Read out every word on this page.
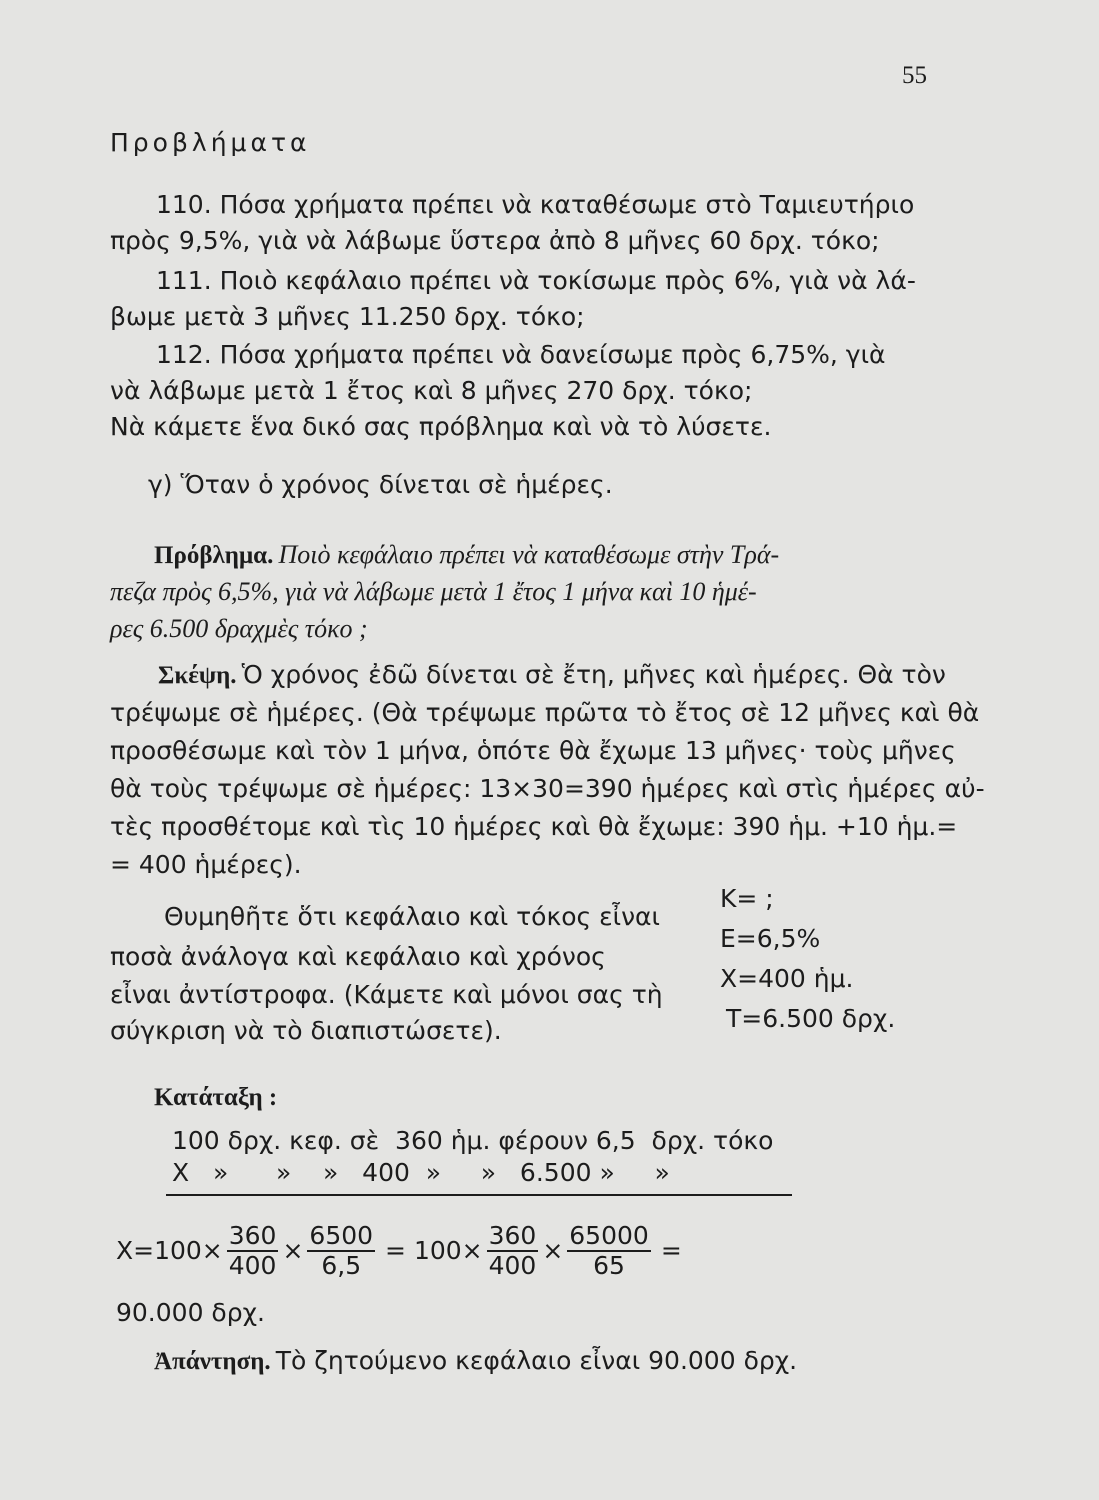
55
Προβλήματα
110. Πόσα χρήματα πρέπει νὰ καταθέσωμε στὸ Ταμιευτήριο
πρὸς 9,5%, γιὰ νὰ λάβωμε ὕστερα ἀπὸ 8 μῆνες 60 δρχ. τόκο;
111. Ποιὸ κεφάλαιο πρέπει νὰ τοκίσωμε πρὸς 6%, γιὰ νὰ λά-
βωμε μετὰ 3 μῆνες 11.250 δρχ. τόκο;
112. Πόσα χρήματα πρέπει νὰ δανείσωμε πρὸς 6,75%, γιὰ
νὰ λάβωμε μετὰ 1 ἔτος καὶ 8 μῆνες 270 δρχ. τόκο;
Νὰ κάμετε ἕνα δικό σας πρόβλημα καὶ νὰ τὸ λύσετε.
γ) Ὅταν ὁ χρόνος δίνεται σὲ ἡμέρες.
Πρόβλημα. Ποιὸ κεφάλαιο πρέπει νὰ καταθέσωμε στὴν Τρά-
πεζα πρὸς 6,5%, γιὰ νὰ λάβωμε μετὰ 1 ἔτος 1 μήνα καὶ 10 ἡμέ-
ρες 6.500 δραχμὲς τόκο ;
Σκέψη. Ὁ χρόνος ἐδῶ δίνεται σὲ ἔτη, μῆνες καὶ ἡμέρες. Θὰ τὸν
τρέψωμε σὲ ἡμέρες. (Θὰ τρέψωμε πρῶτα τὸ ἔτος σὲ 12 μῆνες καὶ θὰ
προσθέσωμε καὶ τὸν 1 μήνα, ὁπότε θὰ ἔχωμε 13 μῆνες· τοὺς μῆνες
θὰ τοὺς τρέψωμε σὲ ἡμέρες: 13×30=390 ἡμέρες καὶ στὶς ἡμέρες αὐ-
τὲς προσθέτομε καὶ τὶς 10 ἡμέρες καὶ θὰ ἔχωμε: 390 ἡμ. +10 ἡμ.=
= 400 ἡμέρες).
Θυμηθῆτε ὅτι κεφάλαιο καὶ τόκος εἶναι
ποσὰ ἀνάλογα καὶ κεφάλαιο καὶ χρόνος
εἶναι ἀντίστροφα. (Κάμετε καὶ μόνοι σας τὴ
σύγκριση νὰ τὸ διαπιστώσετε).
K= ;
E=6,5%
X=400 ἡμ.
T=6.500 δρχ.
Κατάταξη :
100 δρχ. κεφ. σὲ  360 ἡμ. φέρουν 6,5  δρχ. τόκο
X   »      »    »   400  »     »   6.500 »     »
$X=100\times \frac{360}{400} \times \frac{6500}{6,5} = 100\times \frac{360}{400} \times \frac{65000}{65}$ =
90.000 δρχ.
Ἀπάντηση. Τὸ ζητούμενο κεφάλαιο εἶναι 90.000 δρχ.
